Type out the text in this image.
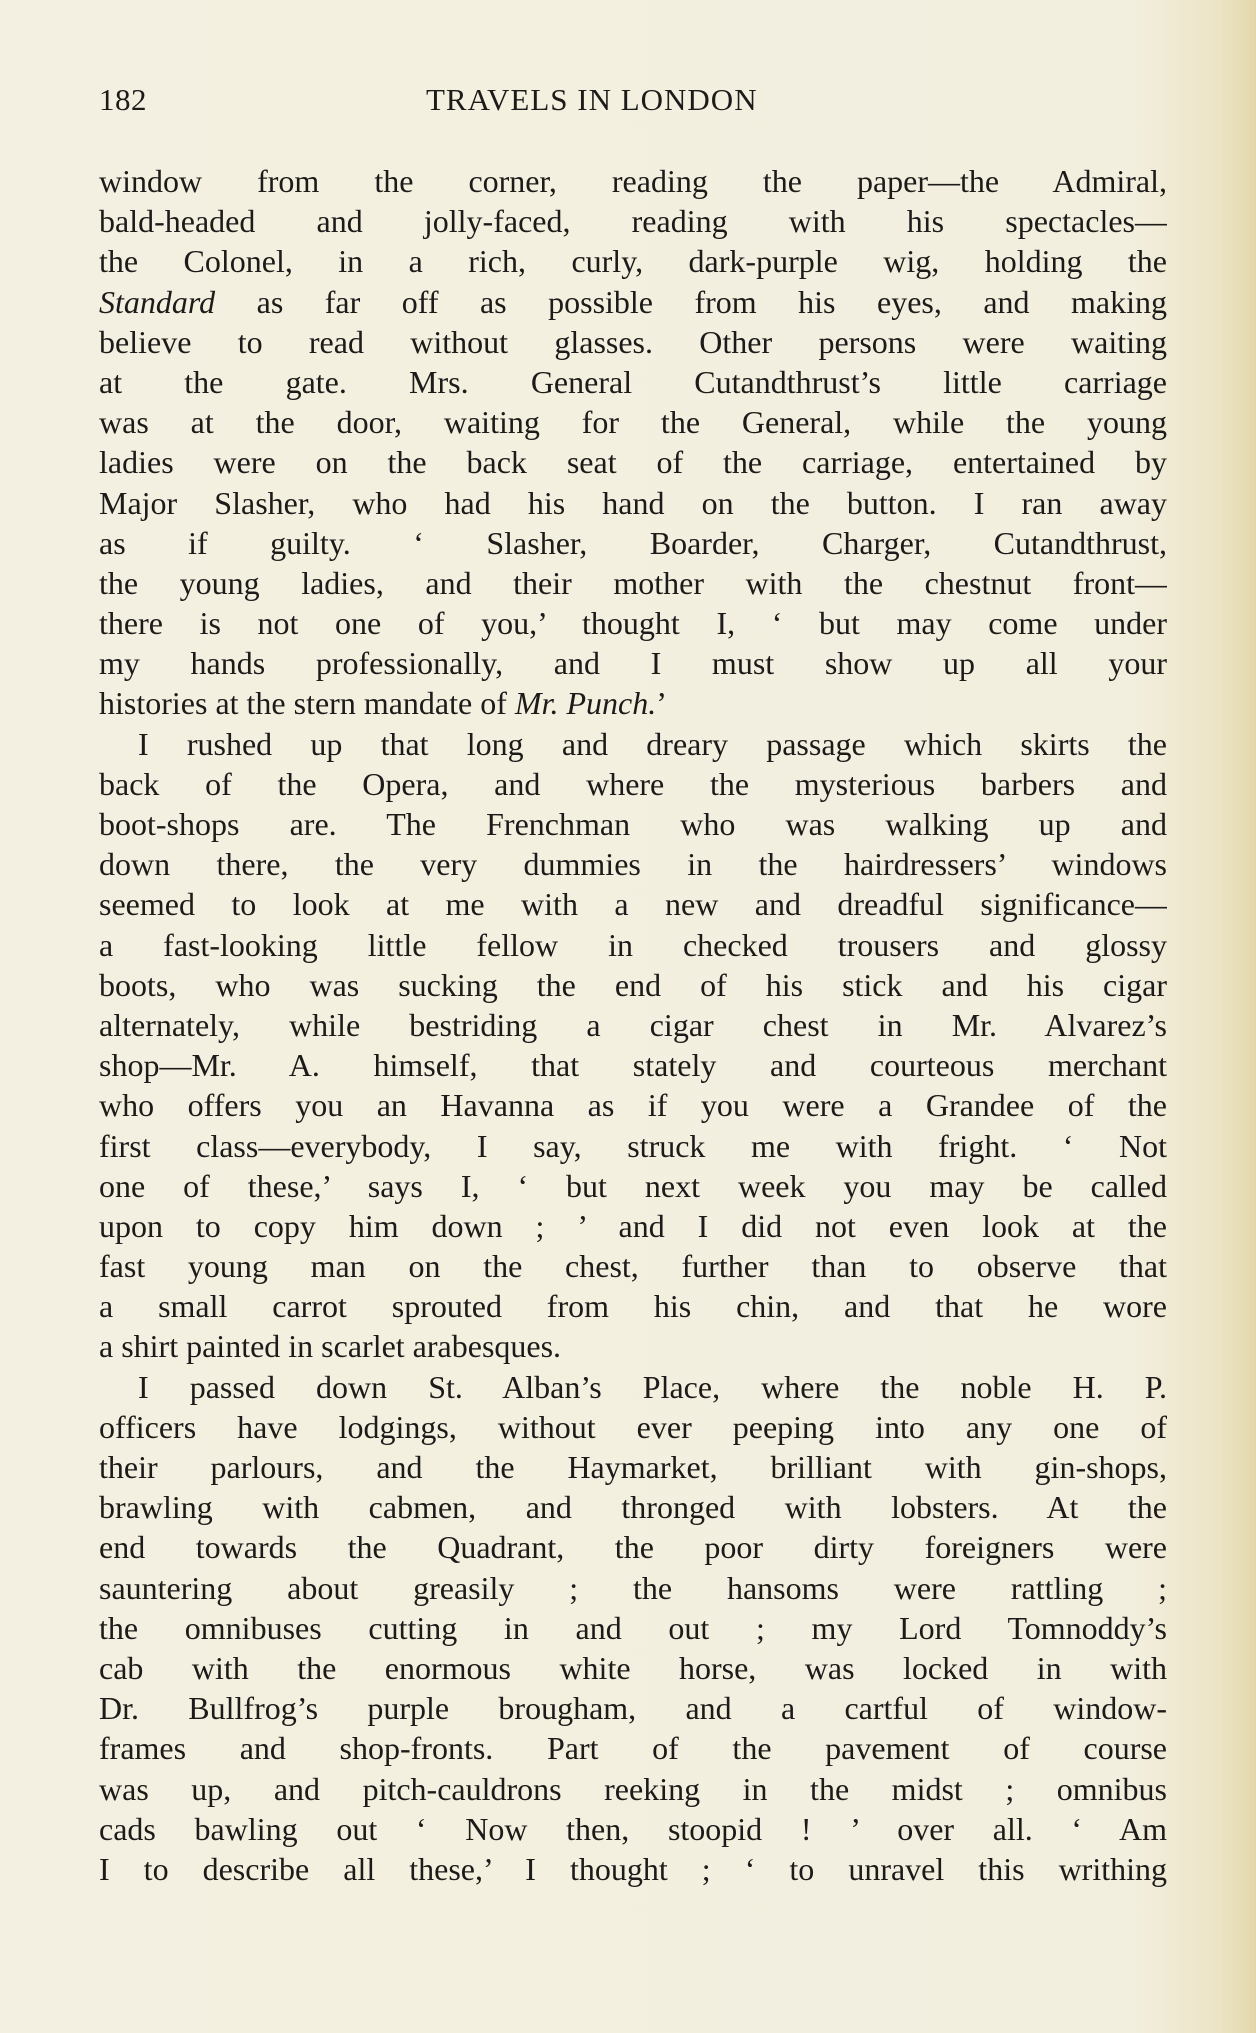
182	TRAVELS IN LONDON
window from the corner, reading the paper—the Admiral,
bald-headed and jolly-faced, reading with his spectacles—
the Colonel, in a rich, curly, dark-purple wig, holding the
Standard as far off as possible from his eyes, and making
believe to read without glasses. Other persons were waiting
at the gate. Mrs. General Cutandthrust’s little carriage
was at the door, waiting for the General, while the young
ladies were on the back seat of the carriage, entertained by
Major Slasher, who had his hand on the button. I ran away
as if guilty. ‘ Slasher, Boarder, Charger, Cutandthrust,
the young ladies, and their mother with the chestnut front—
there is not one of you,’ thought I, ‘ but may come under
my hands professionally, and I must show up all your
histories at the stern mandate of Mr. Punch.’
I rushed up that long and dreary passage which skirts the
back of the Opera, and where the mysterious barbers and
boot-shops are. The Frenchman who was walking up and
down there, the very dummies in the hairdressers’ windows
seemed to look at me with a new and dreadful significance—
a fast-looking little fellow in checked trousers and glossy
boots, who was sucking the end of his stick and his cigar
alternately, while bestriding a cigar chest in Mr. Alvarez’s
shop—Mr. A. himself, that stately and courteous merchant
who offers you an Havanna as if you were a Grandee of the
first class—everybody, I say, struck me with fright. ‘ Not
one of these,’ says I, ‘ but next week you may be called
upon to copy him down ; ’ and I did not even look at the
fast young man on the chest, further than to observe that
a small carrot sprouted from his chin, and that he wore
a shirt painted in scarlet arabesques.
I passed down St. Alban’s Place, where the noble H. P.
officers have lodgings, without ever peeping into any one of
their parlours, and the Haymarket, brilliant with gin-shops,
brawling with cabmen, and thronged with lobsters. At the
end towards the Quadrant, the poor dirty foreigners were
sauntering about greasily ; the hansoms were rattling ;
the omnibuses cutting in and out ; my Lord Tomnoddy’s
cab with the enormous white horse, was locked in with
Dr. Bullfrog’s purple brougham, and a cartful of window-
frames and shop-fronts. Part of the pavement of course
was up, and pitch-cauldrons reeking in the midst ; omnibus
cads bawling out ‘ Now then, stoopid ! ’ over all. ‘ Am
I to describe all these,’ I thought ; ‘ to unravel this writhing
